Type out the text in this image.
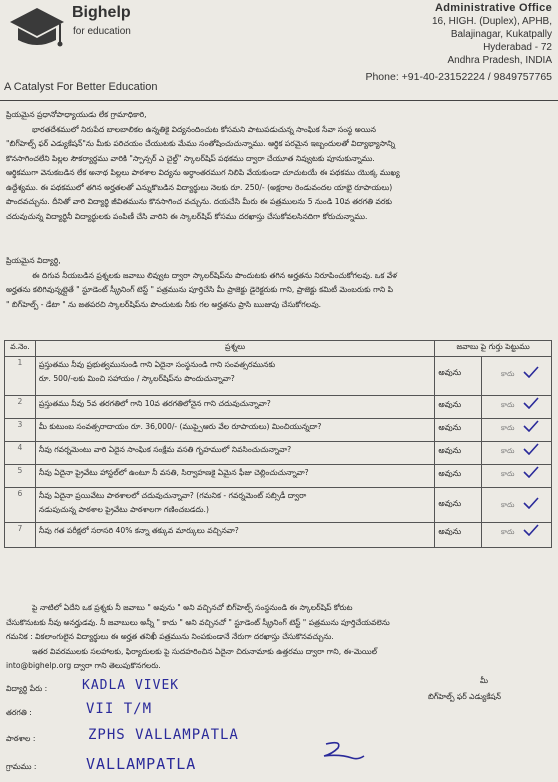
Bighelp
for education
A Catalyst For Better Education
Administrative Office
16, HIGH. (Duplex), APHB,
Balajinagar, Kukatpally
Hyderabad - 72
Andhra Pradesh, INDIA
Phone: +91-40-23152224 / 9849757765
ప్రియమైన ప్రధానోపాధ్యాయుడు లేక గ్రామాధికారి,
భారతదేశములో నిరుపేద బాలబాలికల ఉన్నతికై విద్యనందించుట కోసమని పాటుపడుచున్న సాంఘిక సేవా సంస్థ అయిన
"బిగ్‌హెల్ప్ ఫర్ ఎడ్యుకేషన్"ను మీకు పరిచయం చేయుటకు మేము సంతోషించుచున్నాము. ఆర్థిక పరమైన ఇబ్బందులతో విద్యాభ్యాసాన్ని
కొనసాగించలేని పిల్లల సౌకర్యార్థము వారికి "స్పాన్సర్ ఎ చైల్డ్" స్కాలర్‌షిప్ పథకము ద్వారా చేయూత నివ్వుటకు పూనుకున్నాము.
ఆర్థికముగా వెనుకబడిన లేక అనాథ పిల్లలు పాఠశాల విద్యను అర్ధాంతరముగ నిలిపి వేయకుండా చూచుటయే ఈ పథకము యొక్క ముఖ్య
ఉద్దేశ్యము. ఈ పథకములో తగిన అర్హతలతో ఎన్నుకొబడిన విద్యార్థులు నెలకు రూ. 250/- (అక్షరాల రెండువందల యాభై రూపాయలు)
పొందవచ్చును. దీనితో వారి విద్యార్థి జీవితమును కొనసాగించ వచ్చును. దయచేసి మీరు ఈ పత్రములను 5 నుండి 10వ తరగతి వరకు
చదువుచున్న విద్యార్థినీ విద్యార్థులకు పంపిణీ చేసి వారిని ఈ స్కాలర్‌షిప్ కోసము దరఖాస్తు చేసుకోవలసినదిగా కోరుచున్నాము.
ప్రియమైన విద్యార్థి,
ఈ దిగువ నీయబడిన ప్రశ్నలకు జవాబు లివ్వుట ద్వారా స్కాలర్‌షిప్‌ను పొందుటకు తగిన అర్హతను నిరూపించుకోగలవు. ఒక వేళ
అర్హతను కలిగివున్నట్లైతే " స్టూడెంట్ స్క్రీనింగ్ టెస్ట్ " పత్రమును పూర్తిచేసి మీ ప్రాజెక్టు డైరెక్టరుకు గాని, ప్రాజెక్టు కమిటీ మెంబరుకు గాని పి
" బిగ్‌హెల్ప్ - డేటా " ను జతపరచి స్కాలర్‌షిప్‌ను పొందుటకు నీకు గల అర్హతను ప్రాసి ఋజువు చేసుకోగలవు.
వ.నెం.	ప్రశ్నలు	జవాబు పై గుర్తు పెట్టుము	
1	ప్రస్తుతము నీవు ప్రభుత్వమునుండి గాని ఏదైనా సంస్థనుండి గాని సంవత్సరమునకు
రూ. 500/-లకు మించి సహాయం / స్కాలర్‌షిప్‌ను పొందుచున్నావా?	అవును	కాదు

2	ప్రస్తుతము నీవు 5వ తరగతిలో గాని 10వ తరగతిలోనైన గాని చదువుచున్నావా?	అవును	కాదు

3	మీ కుటుంబ సంవత్సరాదాయం రూ. 36,000/- (ముప్పైఆరు వేల రూపాయలు) మించియున్నదా?	అవును	కాదు

4	నీవు గవర్నమెంటు వారి ఏదైన సాంఘిక సంక్షేమ వసతి గృహములో నివసించుచున్నావా?	అవును	కాదు

5	నీవు ఏదైనా ప్రైవేటు హాస్టల్‌లో ఉంటూ నీ వసతి, సిర్వాహణకై ఏమైన ఫీజు చెల్లించుచున్నావా?	అవును	కాదు

6	నీవు ఏదైనా ప్రయివేటు పాఠశాలలో చదువుచున్నావా? (గమనిక - గవర్నమెంట్ సబ్సిడీ ద్వారా
నడుపుచున్న పాఠశాల ప్రైవేటు పాఠశాలగా గణించబడదు.)	అవును	కాదు

7	నీవు గత పరీక్షలో సరాసరి 40% కన్నా తక్కువ మార్కులు వచ్చినవా?	అవును	కాదు
పై నాటిలో ఏదేని ఒక ప్రశ్నకు నీ జవాబు " అవును " అని వచ్చినచో బిగ్‌హెల్ప్ సంస్థనుండి ఈ స్కాలర్‌షిప్ కోరుట
చేసుకొనుటకు నీవు అనర్హుడవు. నీ జవాబులు అన్నీ " కాదు " అని వచ్చినచో " స్టూడెంట్ స్క్రీనింగ్ టెస్ట్ " పత్రమును పూర్తిచేయవలెను
గమనిక : వికలాంగులైన విద్యార్థులు ఈ అర్హత తనిఖీ పత్రమును నింపకుండానే నేరుగా దరఖాస్తు చేసుకొనవచ్చును.
ఇతర వివరములకు సలహాలకు, ఫిర్యాదులకు పై సుదహరించిన ఏదైనా చిరునామాకు ఉత్తరము ద్వారా గాని, ఈ-మెయిల్
into@bighelp.org ద్వారా గాని తెలుపుకొనగలరు.
విద్యార్థి పేరు :	KADLA VIVEK
తరగతి :	VII T/M
పాఠశాల :	ZPHS VALLAMPATLA
గ్రామము :	VALLAMPATLA
మీ
బిగ్‌హెల్ప్ ఫర్ ఎడ్యుకేషన్
